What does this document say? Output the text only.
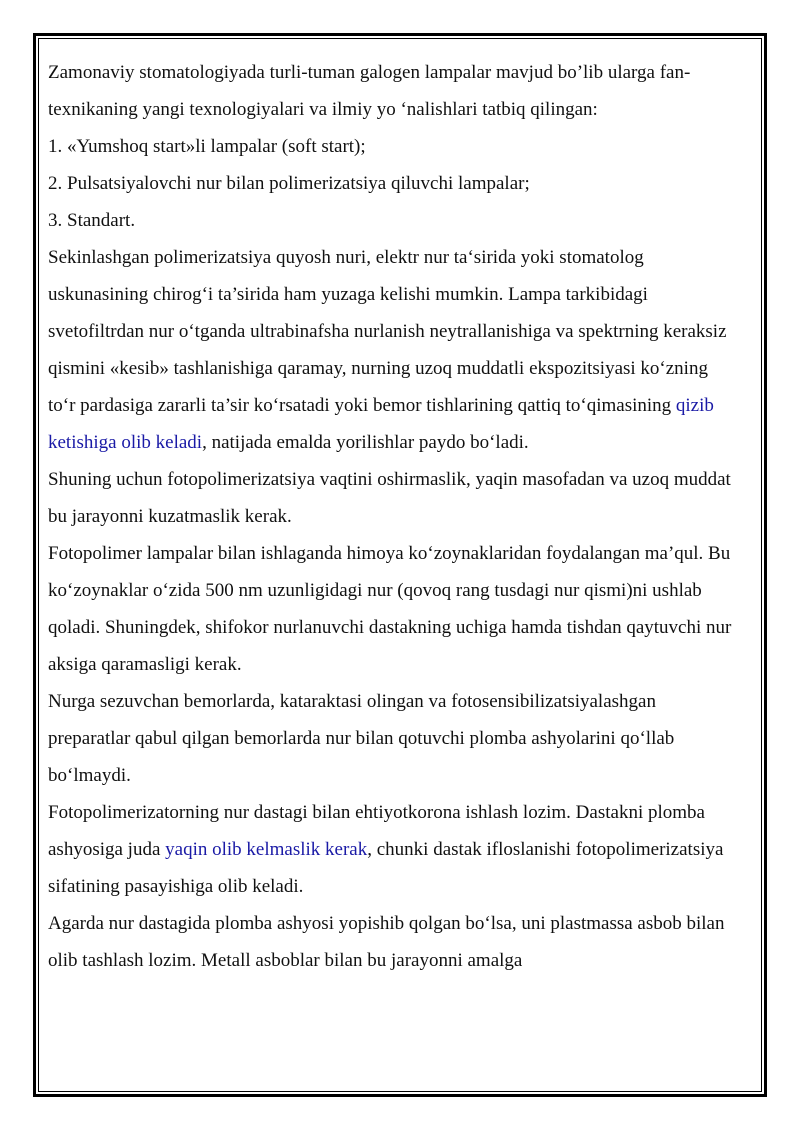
Zamonaviy stomatologiyada turli-tuman galogen lampalar mavjud bo’lib ularga fan-texnikaning yangi texnologiyalari va ilmiy yo ‘nalishlari tatbiq qilingan:

1. «Yumshoq start»li lampalar (soft start);

2. Pulsatsiyalovchi nur bilan polimerizatsiya qiluvchi lampalar;

3. Standart.

Sekinlashgan polimerizatsiya quyosh nuri, elektr nur ta‘sirida yoki stomatolog uskunasining chirog‘i ta’sirida ham yuzaga kelishi mumkin. Lampa tarkibidagi svetofiltrdan nur o‘tganda ultrabinafsha nurlanish neytrallanishiga va spektrning keraksiz qismini «kesib» tashlanishiga qaramay, nurning uzoq muddatli ekspozitsiyasi ko‘zning to‘r pardasiga zararli ta’sir ko‘rsatadi yoki bemor tishlarining qattiq to‘qimasining qizib ketishiga olib keladi, natijada emalda yorilishlar paydo bo‘ladi.

Shuning uchun fotopolimerizatsiya vaqtini oshirmaslik, yaqin masofadan va uzoq muddat bu jarayonni kuzatmaslik kerak.

Fotopolimer lampalar bilan ishlaganda himoya ko‘zoynaklaridan foydalangan ma’qul. Bu ko‘zoynaklar o‘zida 500 nm uzunligidagi nur (qovoq rang tusdagi nur qismi)ni ushlab qoladi. Shuningdek, shifokor nurlanuvchi dastakning uchiga hamda tishdan qaytuvchi nur aksiga qaramasligi kerak.

Nurga sezuvchan bemorlarda, kataraktasi olingan va fotosensibilizatsiyalashgan preparatlar qabul qilgan bemorlarda nur bilan qotuvchi plomba ashyolarini qo‘llab bo‘lmaydi.

Fotopolimerizatorning nur dastagi bilan ehtiyotkorona ishlash lozim. Dastakni plomba ashyosiga juda yaqin olib kelmaslik kerak, chunki dastak ifloslanishi fotopolimerizatsiya sifatining pasayishiga olib keladi.

Agarda nur dastagida plomba ashyosi yopishib qolgan bo‘lsa, uni plastmassa asbob bilan olib tashlash lozim. Metall asboblar bilan bu jarayonni amalga
